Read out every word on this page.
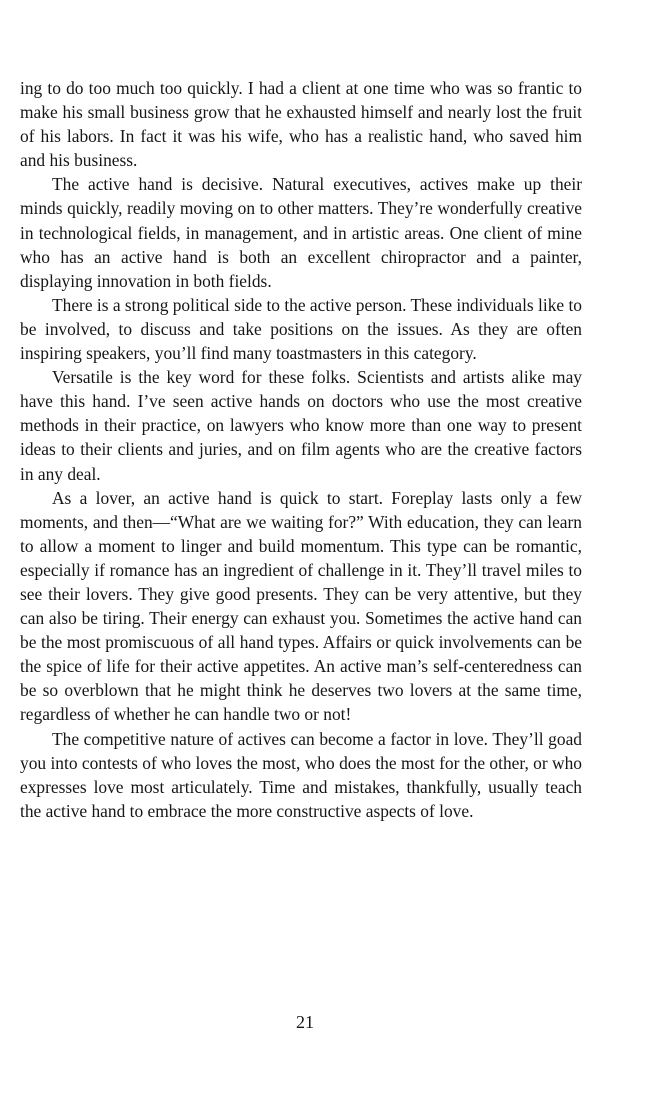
ing to do too much too quickly. I had a client at one time who was so frantic to make his small business grow that he exhausted himself and nearly lost the fruit of his labors. In fact it was his wife, who has a realistic hand, who saved him and his business.

The active hand is decisive. Natural executives, actives make up their minds quickly, readily moving on to other matters. They’re wonderfully creative in technological fields, in management, and in artistic areas. One client of mine who has an active hand is both an excellent chiropractor and a painter, displaying innovation in both fields.

There is a strong political side to the active person. These individuals like to be involved, to discuss and take positions on the issues. As they are often inspiring speakers, you’ll find many toastmasters in this category.

Versatile is the key word for these folks. Scientists and artists alike may have this hand. I’ve seen active hands on doctors who use the most creative methods in their practice, on lawyers who know more than one way to present ideas to their clients and juries, and on film agents who are the creative factors in any deal.

As a lover, an active hand is quick to start. Foreplay lasts only a few moments, and then—“What are we waiting for?” With education, they can learn to allow a moment to linger and build momentum. This type can be romantic, especially if romance has an ingredient of challenge in it. They’ll travel miles to see their lovers. They give good presents. They can be very attentive, but they can also be tiring. Their energy can exhaust you. Sometimes the active hand can be the most promiscuous of all hand types. Affairs or quick involvements can be the spice of life for their active appetites. An active man’s self-centeredness can be so overblown that he might think he deserves two lovers at the same time, regardless of whether he can handle two or not!

The competitive nature of actives can become a factor in love. They’ll goad you into contests of who loves the most, who does the most for the other, or who expresses love most articulately. Time and mistakes, thankfully, usually teach the active hand to embrace the more constructive aspects of love.

21
